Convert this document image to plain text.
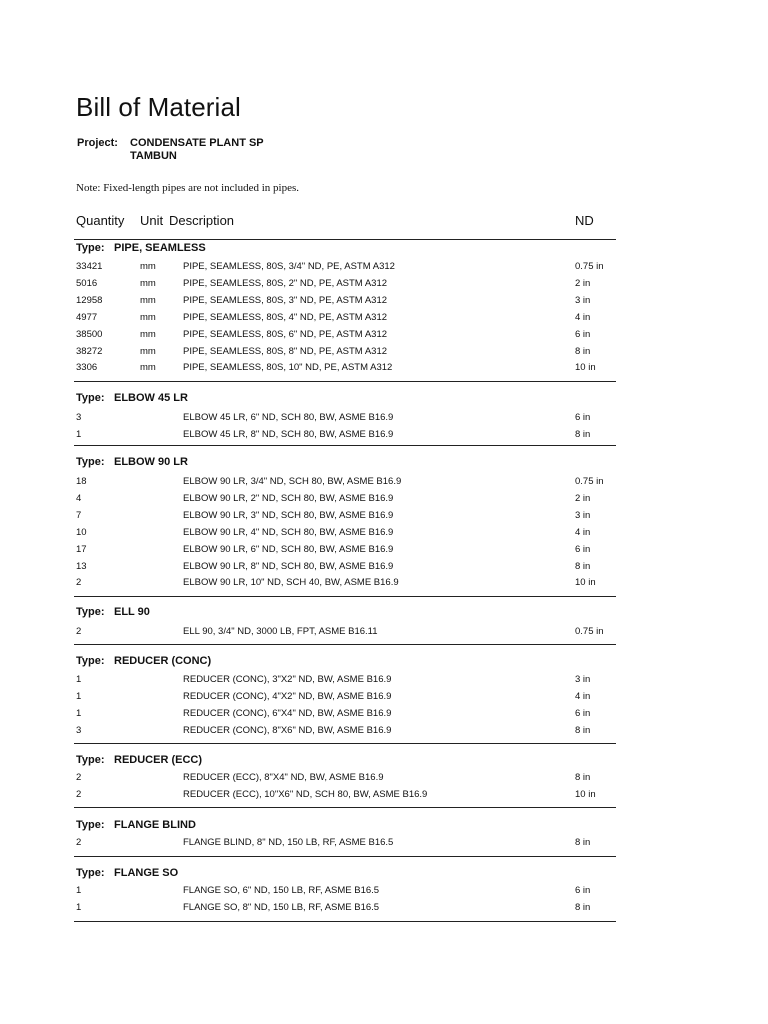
Bill of Material
Project: CONDENSATE PLANT SP
TAMBUN
Note: Fixed-length pipes are not included in pipes.
Quantity Unit Description	ND
Type: PIPE, SEAMLESS
33421	mm	PIPE, SEAMLESS, 80S, 3/4" ND, PE, ASTM A312	0.75 in
5016	mm	PIPE, SEAMLESS, 80S, 2" ND, PE, ASTM A312	2 in
12958	mm	PIPE, SEAMLESS, 80S, 3" ND, PE, ASTM A312	3 in
4977	mm	PIPE, SEAMLESS, 80S, 4" ND, PE, ASTM A312	4 in
38500	mm	PIPE, SEAMLESS, 80S, 6" ND, PE, ASTM A312	6 in
38272	mm	PIPE, SEAMLESS, 80S, 8" ND, PE, ASTM A312	8 in
3306	mm	PIPE, SEAMLESS, 80S, 10" ND, PE, ASTM A312	10 in
Type: ELBOW 45 LR
3	ELBOW 45 LR, 6" ND, SCH 80, BW, ASME B16.9	6 in
1	ELBOW 45 LR, 8" ND, SCH 80, BW, ASME B16.9	8 in
Type: ELBOW 90 LR
18	ELBOW 90 LR, 3/4" ND, SCH 80, BW, ASME B16.9	0.75 in
4	ELBOW 90 LR, 2" ND, SCH 80, BW, ASME B16.9	2 in
7	ELBOW 90 LR, 3" ND, SCH 80, BW, ASME B16.9	3 in
10	ELBOW 90 LR, 4" ND, SCH 80, BW, ASME B16.9	4 in
17	ELBOW 90 LR, 6" ND, SCH 80, BW, ASME B16.9	6 in
13	ELBOW 90 LR, 8" ND, SCH 80, BW, ASME B16.9	8 in
2	ELBOW 90 LR, 10" ND, SCH 40, BW, ASME B16.9	10 in
Type: ELL 90
2	ELL 90, 3/4" ND, 3000 LB, FPT, ASME B16.11	0.75 in
Type: REDUCER (CONC)
1	REDUCER (CONC), 3"X2" ND, BW, ASME B16.9	3 in
1	REDUCER (CONC), 4"X2" ND, BW, ASME B16.9	4 in
1	REDUCER (CONC), 6"X4" ND, BW, ASME B16.9	6 in
3	REDUCER (CONC), 8"X6" ND, BW, ASME B16.9	8 in
Type: REDUCER (ECC)
2	REDUCER (ECC), 8"X4" ND, BW, ASME B16.9	8 in
2	REDUCER (ECC), 10"X6" ND, SCH 80, BW, ASME B16.9	10 in
Type: FLANGE BLIND
2	FLANGE BLIND, 8" ND, 150 LB, RF, ASME B16.5	8 in
Type: FLANGE SO
1	FLANGE SO, 6" ND, 150 LB, RF, ASME B16.5	6 in
1	FLANGE SO, 8" ND, 150 LB, RF, ASME B16.5	8 in
